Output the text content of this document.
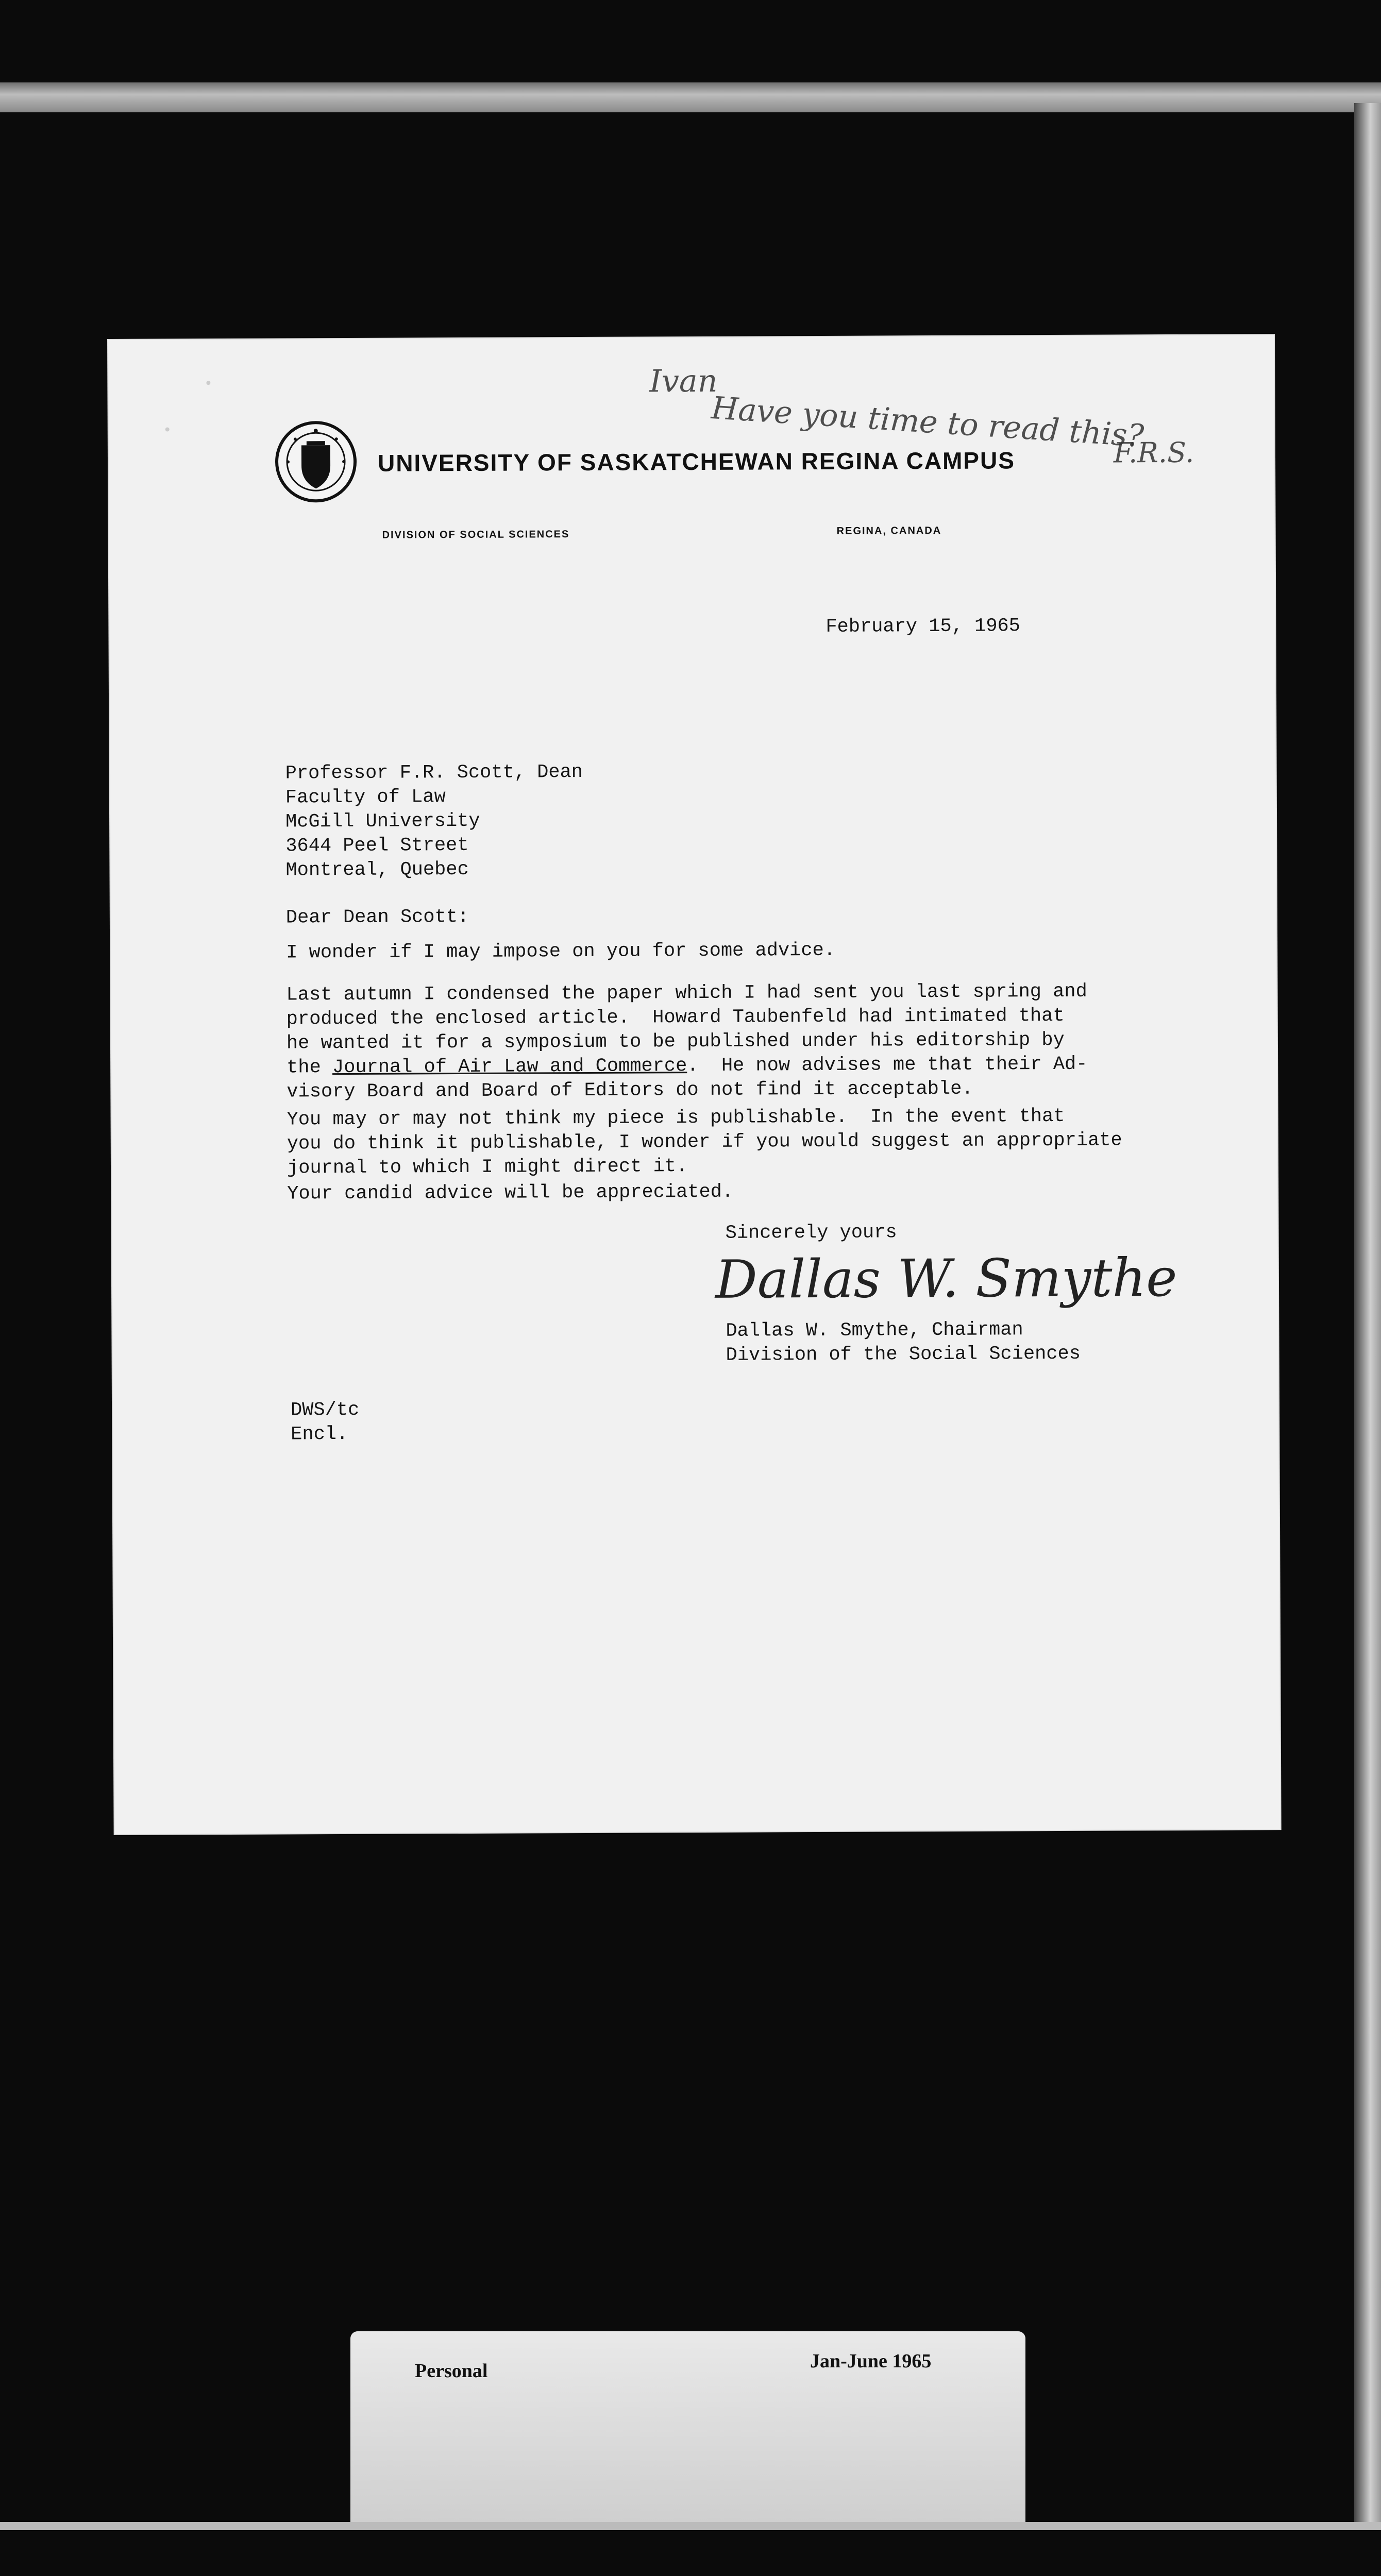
Ivan
Have you time to read this?
F.R.S.
UNIVERSITY OF SASKATCHEWAN REGINA CAMPUS
DIVISION OF SOCIAL SCIENCES	REGINA, CANADA
February 15, 1965
Professor F.R. Scott, Dean
Faculty of Law
McGill University
3644 Peel Street
Montreal, Quebec
Dear Dean Scott:
I wonder if I may impose on you for some advice.
Last autumn I condensed the paper which I had sent you last spring and
produced the enclosed article.  Howard Taubenfeld had intimated that
he wanted it for a symposium to be published under his editorship by
the Journal of Air Law and Commerce.  He now advises me that their Ad-
visory Board and Board of Editors do not find it acceptable.
You may or may not think my piece is publishable.  In the event that
you do think it publishable, I wonder if you would suggest an appropriate
journal to which I might direct it.
Your candid advice will be appreciated.
Sincerely yours
Dallas W. Smythe
Dallas W. Smythe, Chairman
Division of the Social Sciences
DWS/tc
Encl.
Personal	Jan-June 1965
